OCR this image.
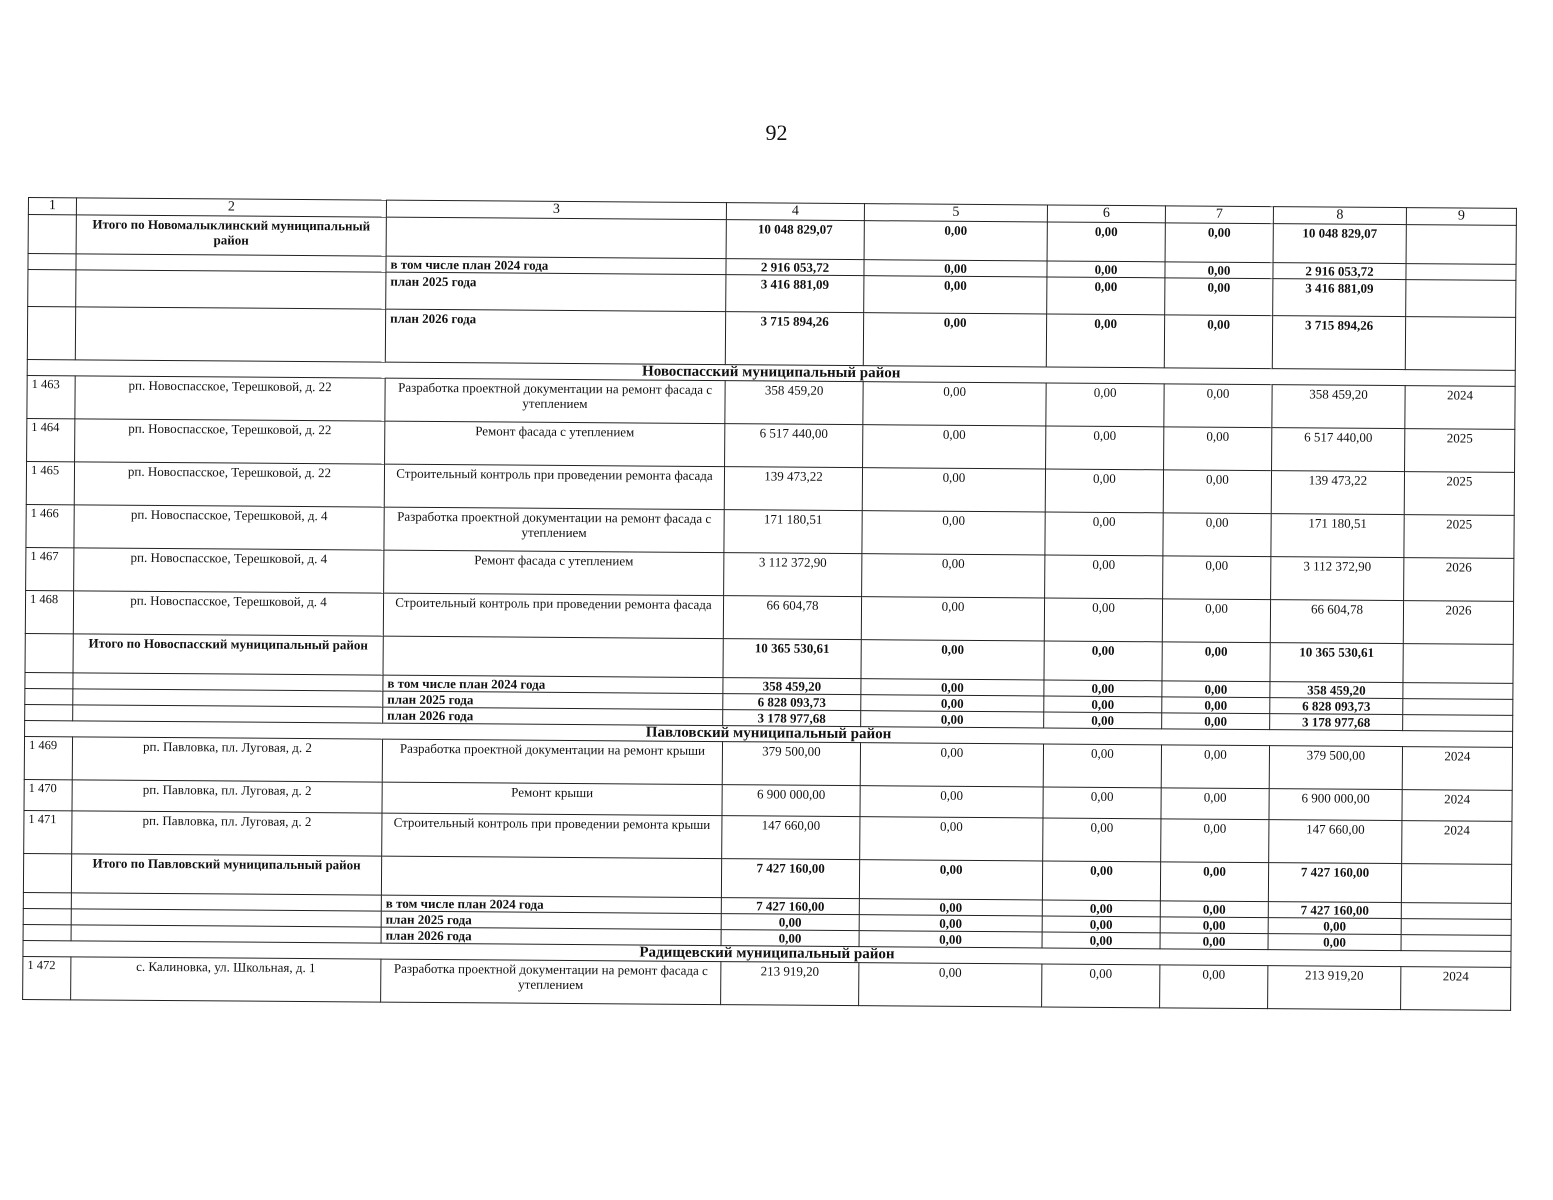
92
1	2	3	4	5	6	7	8	9
	Итого по Новомалыклинский муниципальный район		10 048 829,07	0,00	0,00	0,00	10 048 829,07	
		в том числе план 2024 года	2 916 053,72	0,00	0,00	0,00	2 916 053,72	
		план 2025 года	3 416 881,09	0,00	0,00	0,00	3 416 881,09	
		план 2026 года	3 715 894,26	0,00	0,00	0,00	3 715 894,26	
Новоспасский муниципальный район								
1 463	рп. Новоспасское, Терешковой, д. 22	Разработка проектной документации на ремонт фасада с утеплением	358 459,20	0,00	0,00	0,00	358 459,20	2024
1 464	рп. Новоспасское, Терешковой, д. 22	Ремонт фасада с утеплением	6 517 440,00	0,00	0,00	0,00	6 517 440,00	2025
1 465	рп. Новоспасское, Терешковой, д. 22	Строительный контроль при проведении ремонта фасада	139 473,22	0,00	0,00	0,00	139 473,22	2025
1 466	рп. Новоспасское, Терешковой, д. 4	Разработка проектной документации на ремонт фасада с утеплением	171 180,51	0,00	0,00	0,00	171 180,51	2025
1 467	рп. Новоспасское, Терешковой, д. 4	Ремонт фасада с утеплением	3 112 372,90	0,00	0,00	0,00	3 112 372,90	2026
1 468	рп. Новоспасское, Терешковой, д. 4	Строительный контроль при проведении ремонта фасада	66 604,78	0,00	0,00	0,00	66 604,78	2026
	Итого по Новоспасский муниципальный район		10 365 530,61	0,00	0,00	0,00	10 365 530,61	
		в том числе план 2024 года	358 459,20	0,00	0,00	0,00	358 459,20	
		план 2025 года	6 828 093,73	0,00	0,00	0,00	6 828 093,73	
		план 2026 года	3 178 977,68	0,00	0,00	0,00	3 178 977,68	
Павловский муниципальный район								
1 469	рп. Павловка, пл. Луговая, д. 2	Разработка проектной документации на ремонт крыши	379 500,00	0,00	0,00	0,00	379 500,00	2024
1 470	рп. Павловка, пл. Луговая, д. 2	Ремонт крыши	6 900 000,00	0,00	0,00	0,00	6 900 000,00	2024
1 471	рп. Павловка, пл. Луговая, д. 2	Строительный контроль при проведении ремонта крыши	147 660,00	0,00	0,00	0,00	147 660,00	2024
	Итого по Павловский муниципальный район		7 427 160,00	0,00	0,00	0,00	7 427 160,00	
		в том числе план 2024 года	7 427 160,00	0,00	0,00	0,00	7 427 160,00	
		план 2025 года	0,00	0,00	0,00	0,00	0,00	
		план 2026 года	0,00	0,00	0,00	0,00	0,00	
Радищевский муниципальный район								
1 472	с. Калиновка, ул. Школьная, д. 1	Разработка проектной документации на ремонт фасада с утеплением	213 919,20	0,00	0,00	0,00	213 919,20	2024
